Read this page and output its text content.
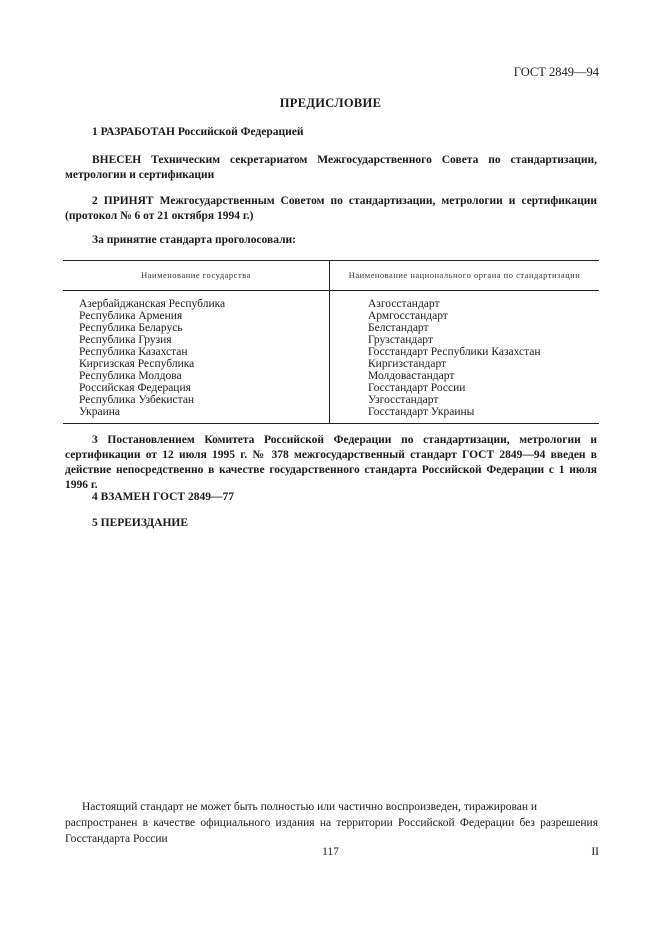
ГОСТ 2849—94
ПРЕДИСЛОВИЕ
1 РАЗРАБОТАН Российской Федерацией
ВНЕСЕН Техническим секретариатом Межгосударственного Совета по стандартизации, метрологии и сертификации
2 ПРИНЯТ Межгосударственным Советом по стандартизации, метрологии и сертификации (протокол № 6 от 21 октября 1994 г.)
За принятие стандарта проголосовали:
Наименование государства	Наименование национального органа по стандартизации
Азербайджанская Республика	Азгосстандарт
Республика Армения	Армгосстандарт
Республика Беларусь	Белстандарт
Республика Грузия	Грузстандарт
Республика Казахстан	Госстандарт Республики Казахстан
Киргизская Республика	Киргизстандарт
Республика Молдова	Молдовастандарт
Российская Федерация	Госстандарт России
Республика Узбекистан	Узгосстандарт
Украина	Госстандарт Украины
3 Постановлением Комитета Российской Федерации по стандартизации, метрологии и сертификации от 12 июля 1995 г. № 378 межгосударственный стандарт ГОСТ 2849—94 введен в действие непосредственно в качестве государственного стандарта Российской Федерации с 1 июля 1996 г.
4 ВЗАМЕН ГОСТ 2849—77
5 ПЕРЕИЗДАНИЕ
Настоящий стандарт не может быть полностью или частично воспроизведен, тиражирован и
распространен в качестве официального издания на территории Российской Федерации без разрешения Госстандарта России
117	II
